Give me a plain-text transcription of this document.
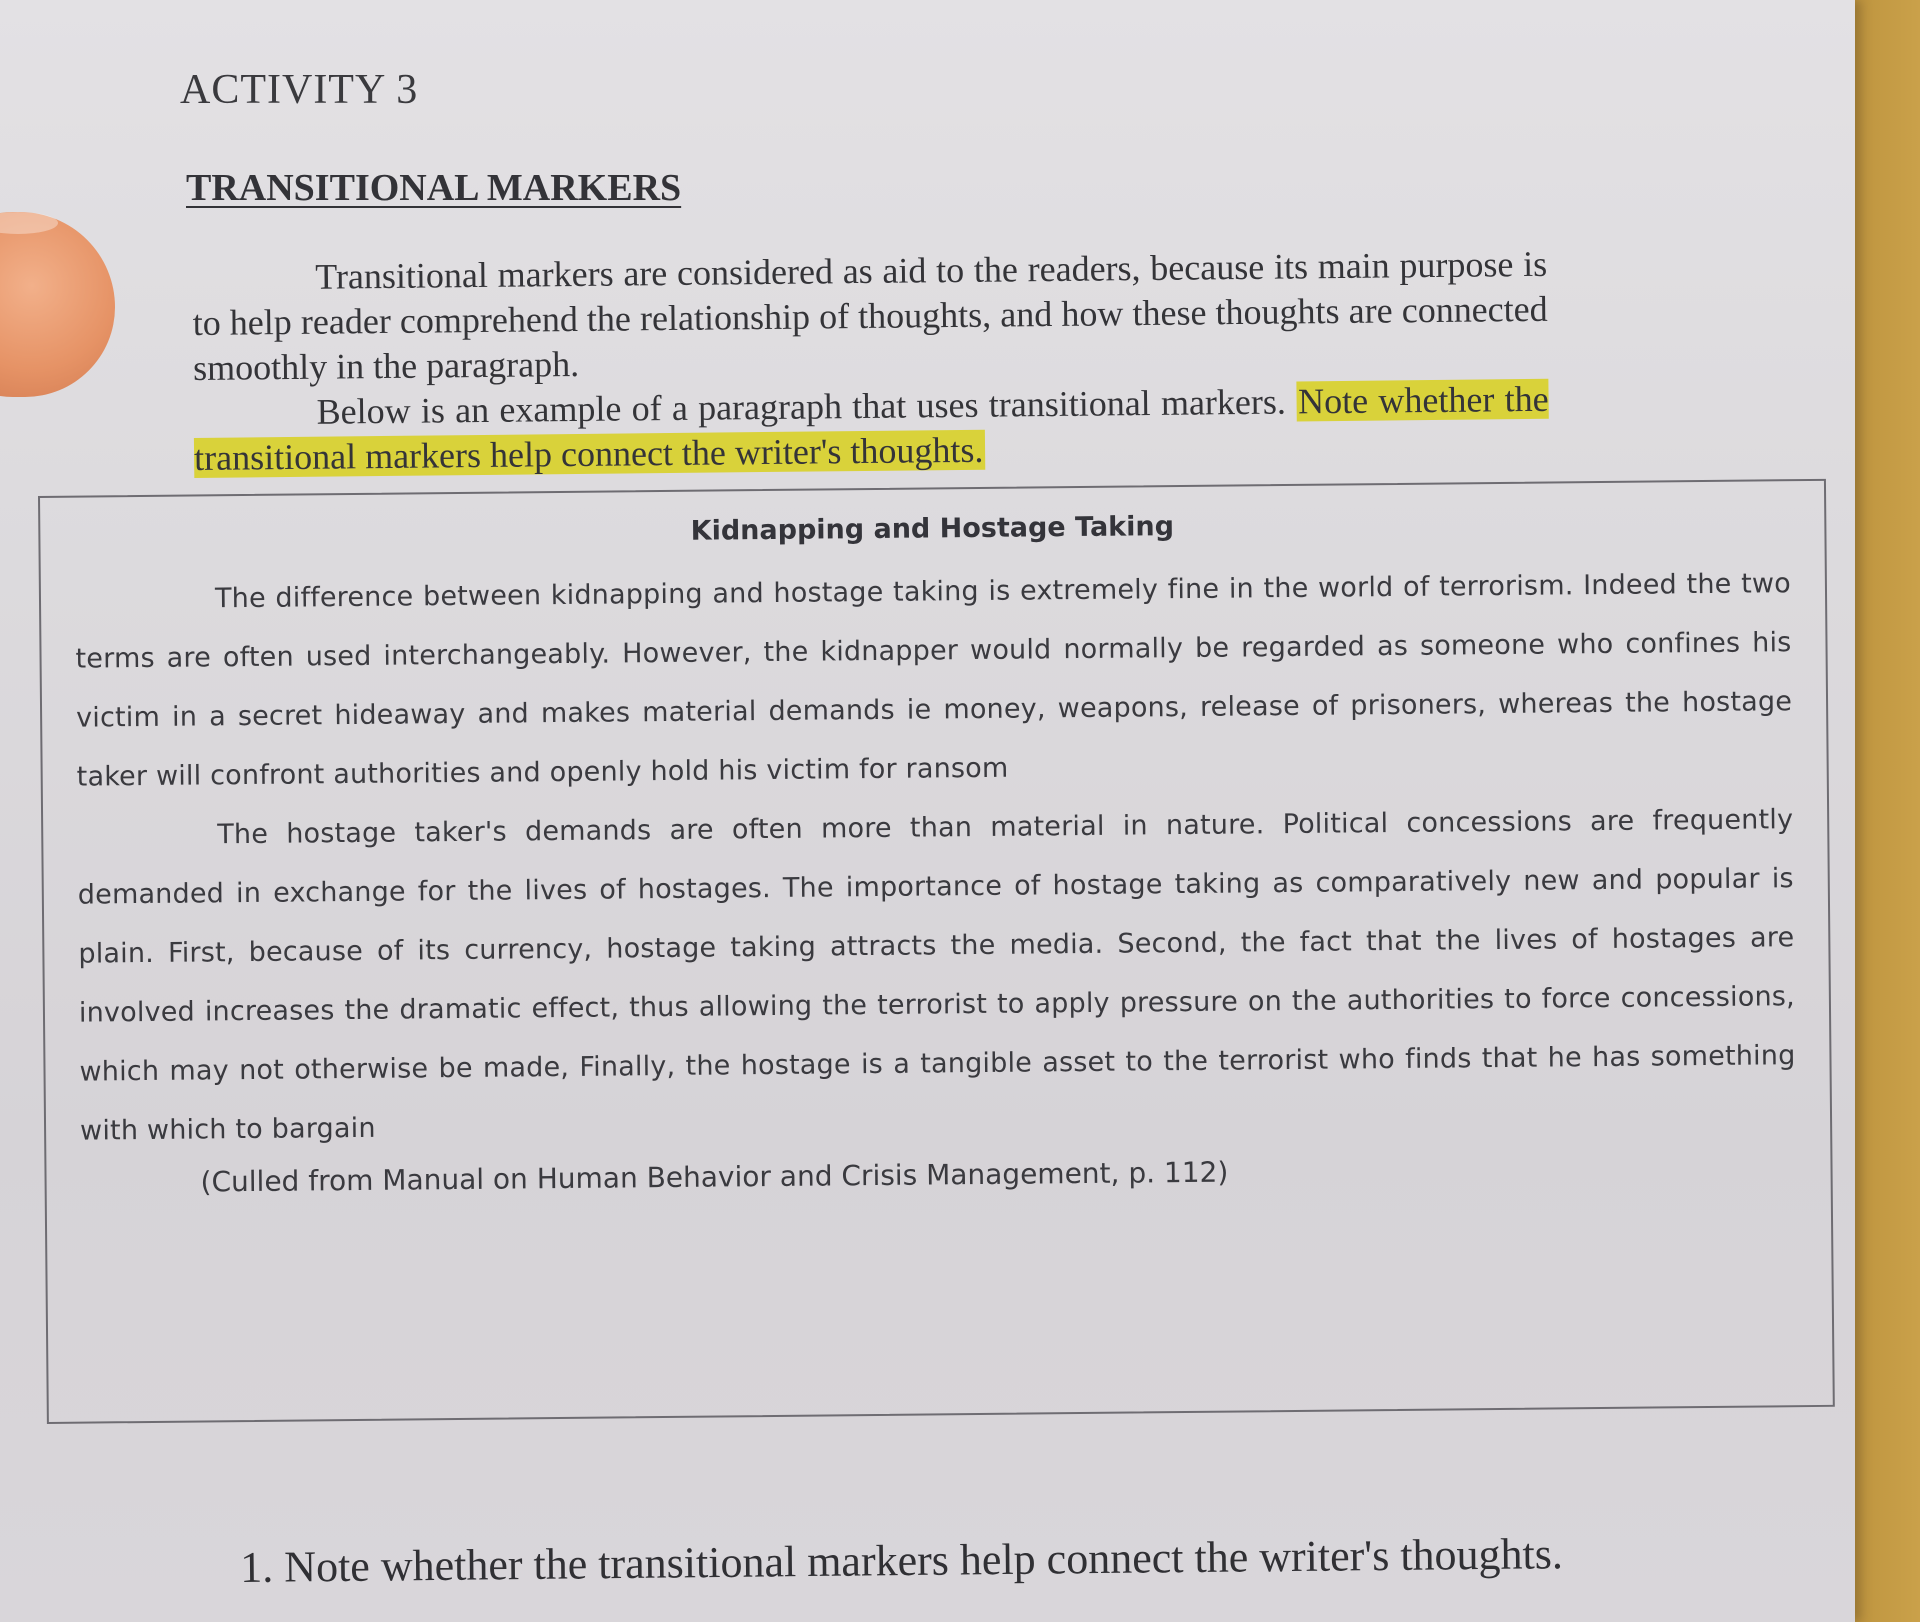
ACTIVITY 3
TRANSITIONAL MARKERS

Transitional markers are considered as aid to the readers, because its main purpose is to help reader comprehend the relationship of thoughts, and how these thoughts are connected smoothly in the paragraph.

Below is an example of a paragraph that uses transitional markers. Note whether the transitional markers help connect the writer's thoughts.

Kidnapping and Hostage Taking

The difference between kidnapping and hostage taking is extremely fine in the world of terrorism. Indeed the two terms are often used interchangeably. However, the kidnapper would normally be regarded as someone who confines his victim in a secret hideaway and makes material demands ie money, weapons, release of prisoners, whereas the hostage taker will confront authorities and openly hold his victim for ransom

The hostage taker's demands are often more than material in nature. Political concessions are frequently demanded in exchange for the lives of hostages. The importance of hostage taking as comparatively new and popular is plain. First, because of its currency, hostage taking attracts the media. Second, the fact that the lives of hostages are involved increases the dramatic effect, thus allowing the terrorist to apply pressure on the authorities to force concessions, which may not otherwise be made, Finally, the hostage is a tangible asset to the terrorist who finds that he has something with which to bargain

(Culled from Manual on Human Behavior and Crisis Management, p. 112)
1. Note whether the transitional markers help connect the writer's thoughts.
